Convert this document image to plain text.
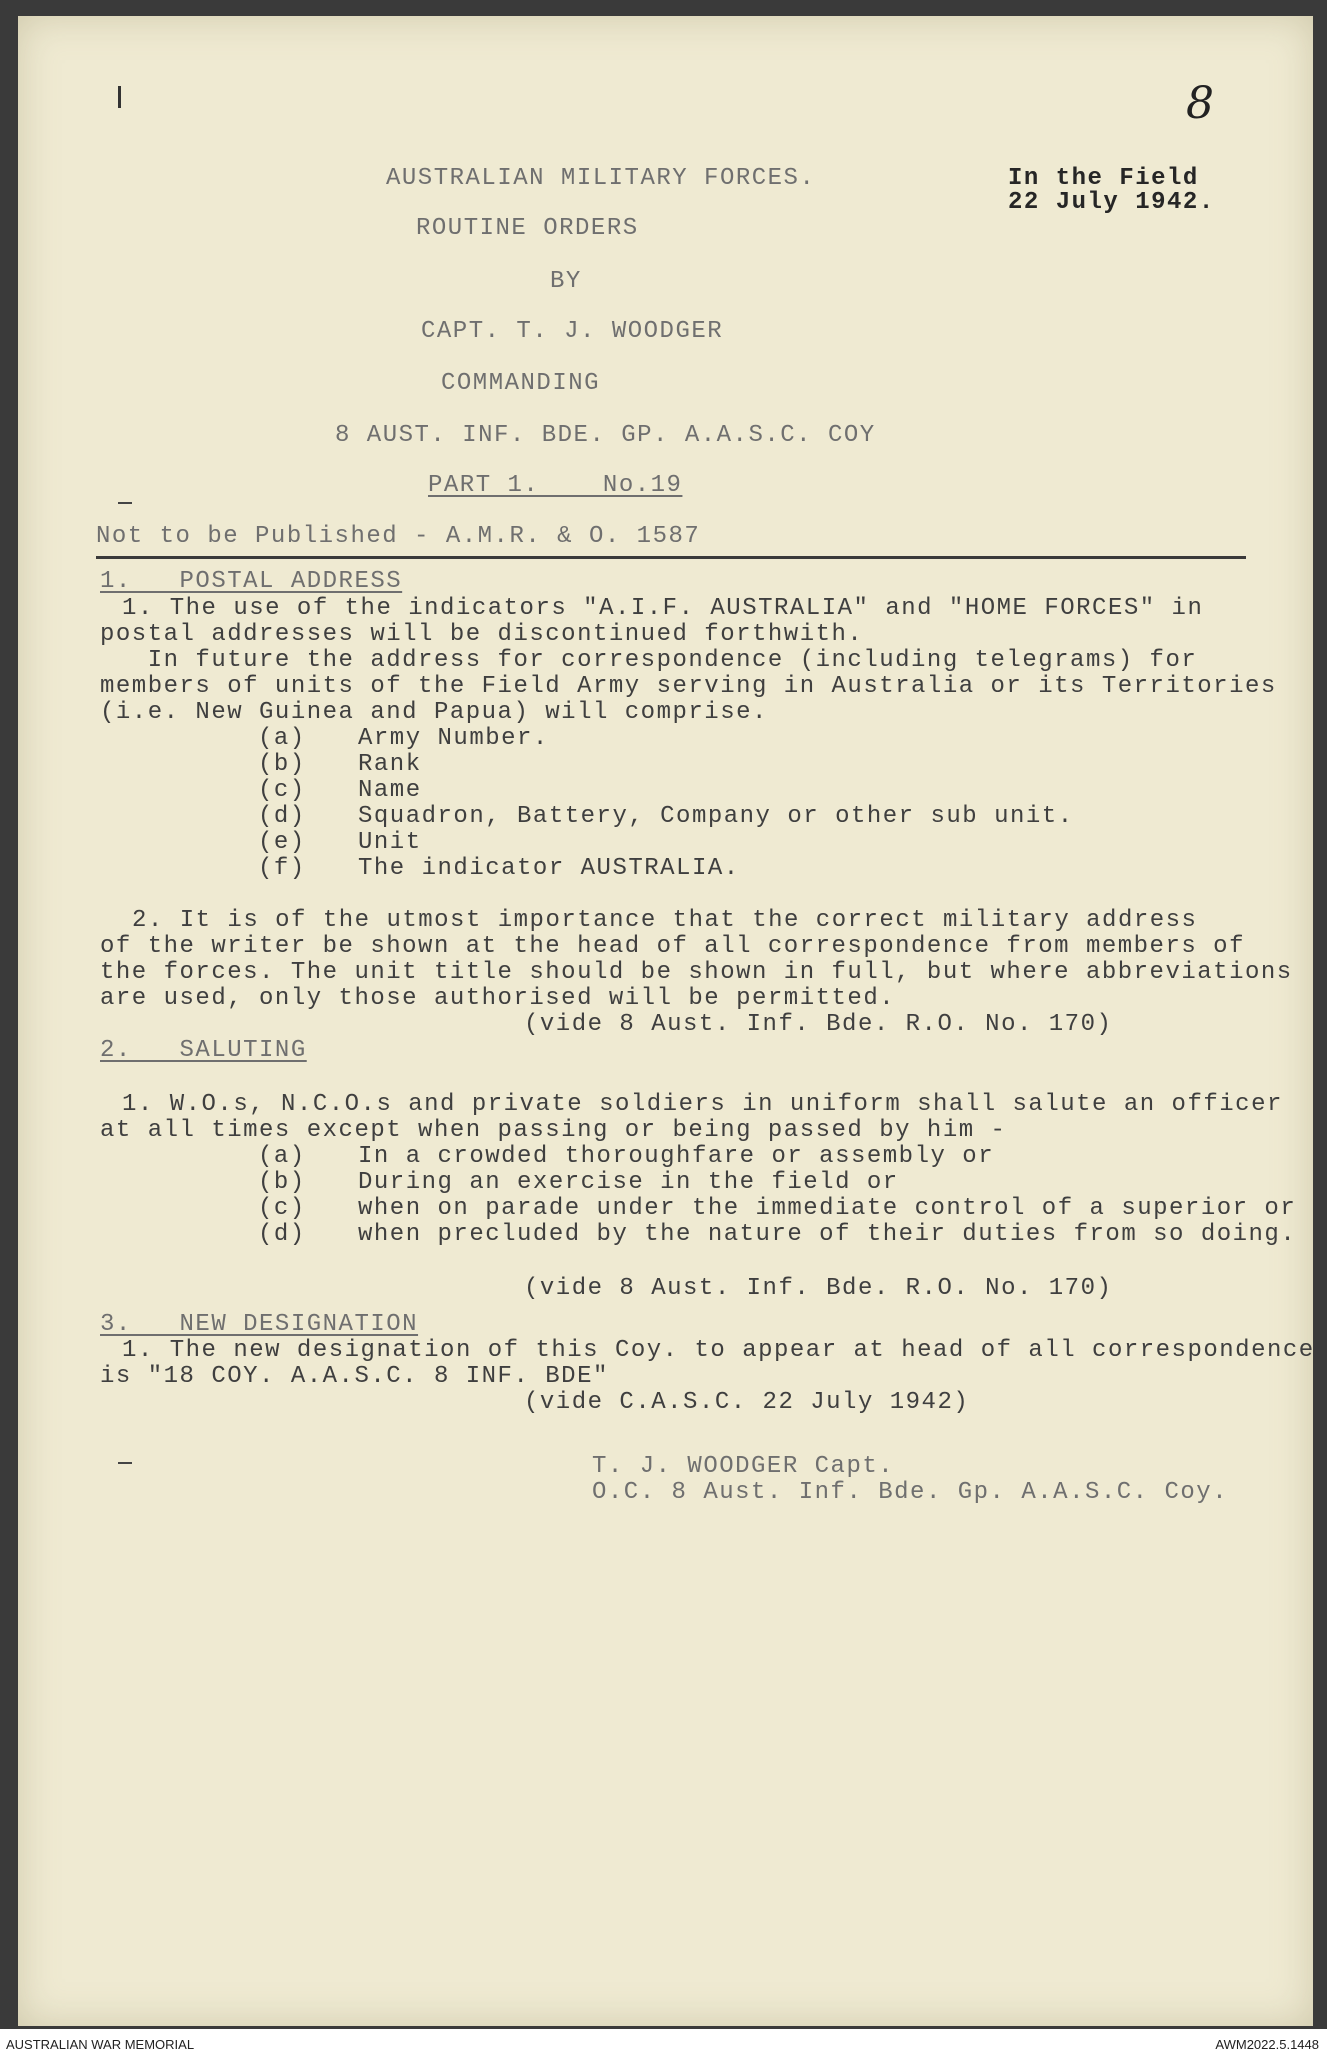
8
AUSTRALIAN MILITARY FORCES.
ROUTINE ORDERS
BY
CAPT. T. J. WOODGER
COMMANDING
8 AUST. INF. BDE. GP. A.A.S.C. COY
PART 1.    No.19
In the Field
22 July 1942.
Not to be Published - A.M.R. & O. 1587
1.   POSTAL ADDRESS
1. The use of the indicators "A.I.F. AUSTRALIA" and "HOME FORCES" in
postal addresses will be discontinued forthwith.
In future the address for correspondence (including telegrams) for
members of units of the Field Army serving in Australia or its Territories
(i.e. New Guinea and Papua) will comprise.
(a) Army Number.
(b) Rank
(c) Name
(d) Squadron, Battery, Company or other sub unit.
(e) Unit
(f) The indicator AUSTRALIA.
2. It is of the utmost importance that the correct military address
of the writer be shown at the head of all correspondence from members of
the forces. The unit title should be shown in full, but where abbreviations
are used, only those authorised will be permitted.
(vide 8 Aust. Inf. Bde. R.O. No. 170)
2.   SALUTING
1. W.O.s, N.C.O.s and private soldiers in uniform shall salute an officer
at all times except when passing or being passed by him -
(a) In a crowded thoroughfare or assembly or
(b) During an exercise in the field or
(c) when on parade under the immediate control of a superior or
(d) when precluded by the nature of their duties from so doing.
(vide 8 Aust. Inf. Bde. R.O. No. 170)
3.   NEW DESIGNATION
1. The new designation of this Coy. to appear at head of all correspondence
is "18 COY. A.A.S.C. 8 INF. BDE"
(vide C.A.S.C. 22 July 1942)
T. J. WOODGER Capt.
O.C. 8 Aust. Inf. Bde. Gp. A.A.S.C. Coy.
AUSTRALIAN WAR MEMORIAL	AWM2022.5.1448
